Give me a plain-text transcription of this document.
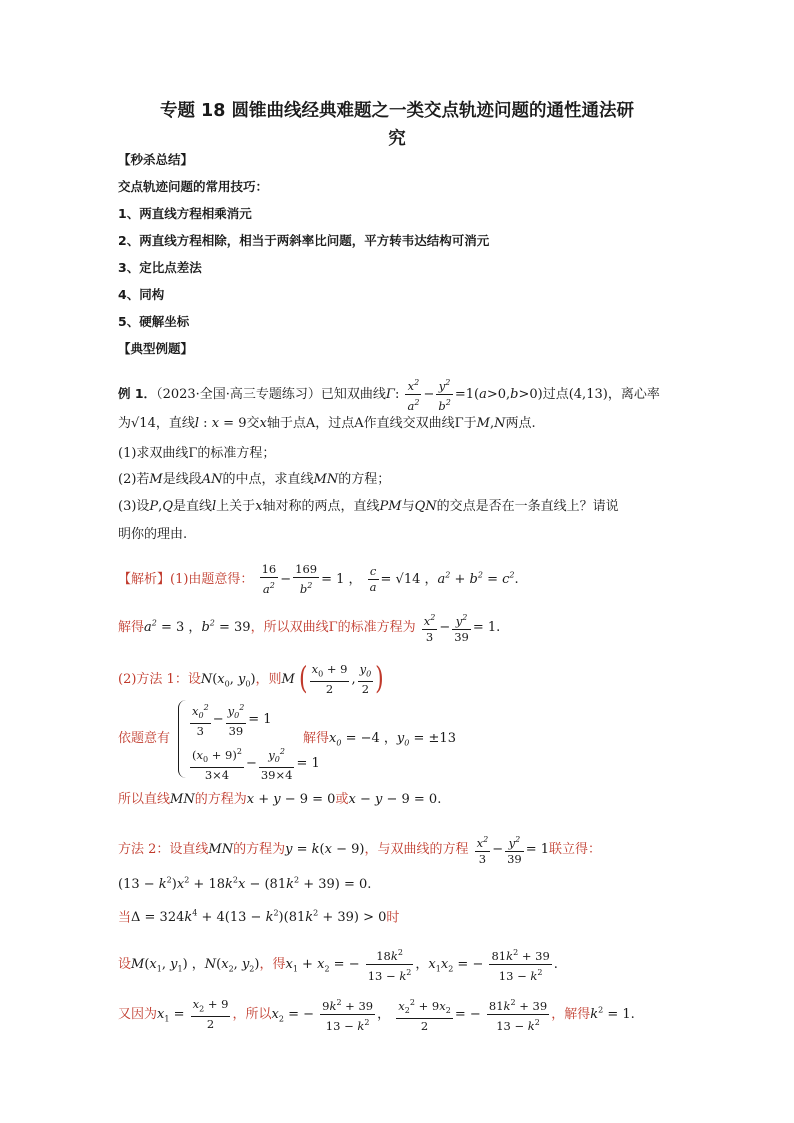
专题 18 圆锥曲线经典难题之一类交点轨迹问题的通性通法研
究
【秒杀总结】
交点轨迹问题的常用技巧：
1、两直线方程相乘消元
2、两直线方程相除，相当于两斜率比问题，平方转韦达结构可消元
3、定比点差法
4、同构
5、硬解坐标
【典型例题】
例 1．（2023·全国·高三专题练习）已知双曲线Γ: $\frac{x^2}{a^2} - \frac{y^2}{b^2} =1(a>0,b>0)$过点(4,13)，离心率
为√14，直线l : x = 9交x轴于点A，过点A作直线交双曲线Γ于M,N两点.
(1)求双曲线Γ的标准方程；
(2)若M是线段AN的中点，求直线MN的方程；
(3)设P,Q是直线l上关于x轴对称的两点，直线PM与QN的交点是否在一条直线上？请说
明你的理由.
【解析】(1)由题意得： $\frac{16}{a^2} - \frac{169}{b^2} = 1$ ， $\frac{c}{a} = √14$ ，$a^2 + b^2 = c^2$.
解得$a^2 = 3$ ，$b^2 = 39$，所以双曲线Γ的标准方程为 $\frac{x^2}{3} - \frac{y^2}{39} = 1$.
(2)方法 1：设$N(x_0$, $y_0$)，则M ( $\frac{x_0 + 9}{2}$ , $\frac{y_0}{2}$ )
依题意有 $\frac{x_0^2}{3} - \frac{y_0^2}{39} = 1$
$\frac{(x_0 + 9)^2}{3\times 4} - \frac{y_0^2}{39\times 4} = 1$
解得$x_0 = -4$ ，$y_0 = \pm 13$
所以直线MN的方程为x + y − 9 = 0或x − y − 9 = 0.
方法 2：设直线MN的方程为y = k(x − 9)，与双曲线的方程 $\frac{x^2}{3} - \frac{y^2}{39} = 1$联立得：
$(13 - k^2)x^2 + 18k^2x - (81k^2 + 39) = 0$.
当$\Delta = 324k^4 + 4(13 - k^2)(81k^2 + 39) > 0$时
设$M(x_1$, $y_1$) ，$N(x_2$, $y_2$)，得$x_1 + x_2$ = − $\frac{18k^2}{13 - k^2}$ ，$x_1x_2$ = − $\frac{81k^2 + 39}{13 - k^2}$ .
又因为$x_1 = \frac{x_2 + 9}{2}$ ，所以$x_2$ = − $\frac{9k^2 + 39}{13 - k^2}$ ， $\frac{x_2^2 + 9x_2}{2}$ = − $\frac{81k^2 + 39}{13 - k^2}$ ，解得$k^2 = 1$.
